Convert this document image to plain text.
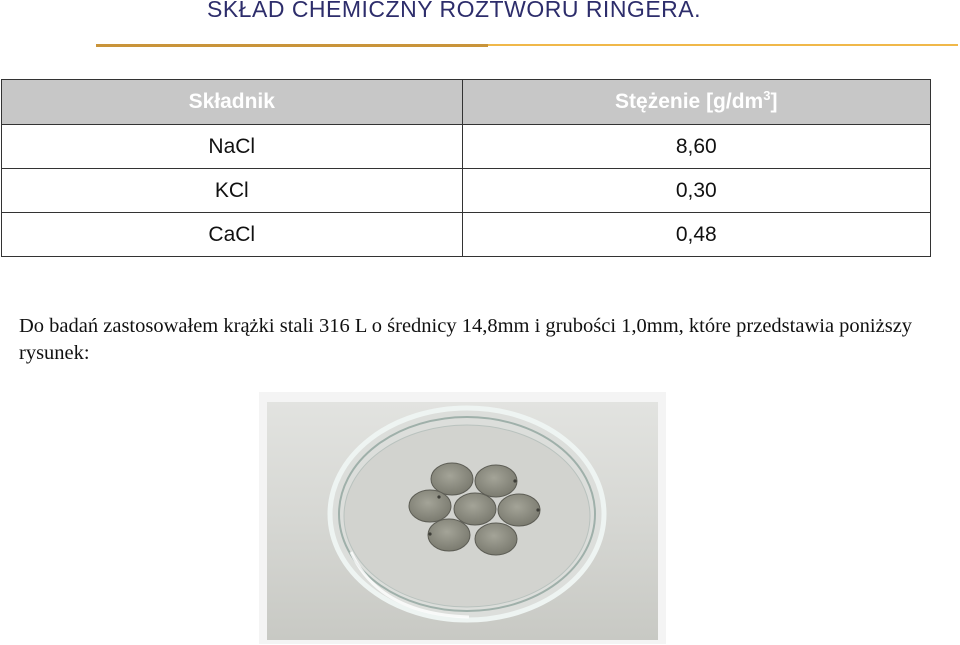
SKŁAD CHEMICZNY ROZTWORU RINGERA.
Składnik	Stężenie $[g/dm^3]$
NaCl	8,60
KCl	0,30
CaCl	0,48
Do badań zastosowałem krążki stali 316 L o średnicy 14,8mm i grubości 1,0mm, które przedstawia poniższy rysunek:
